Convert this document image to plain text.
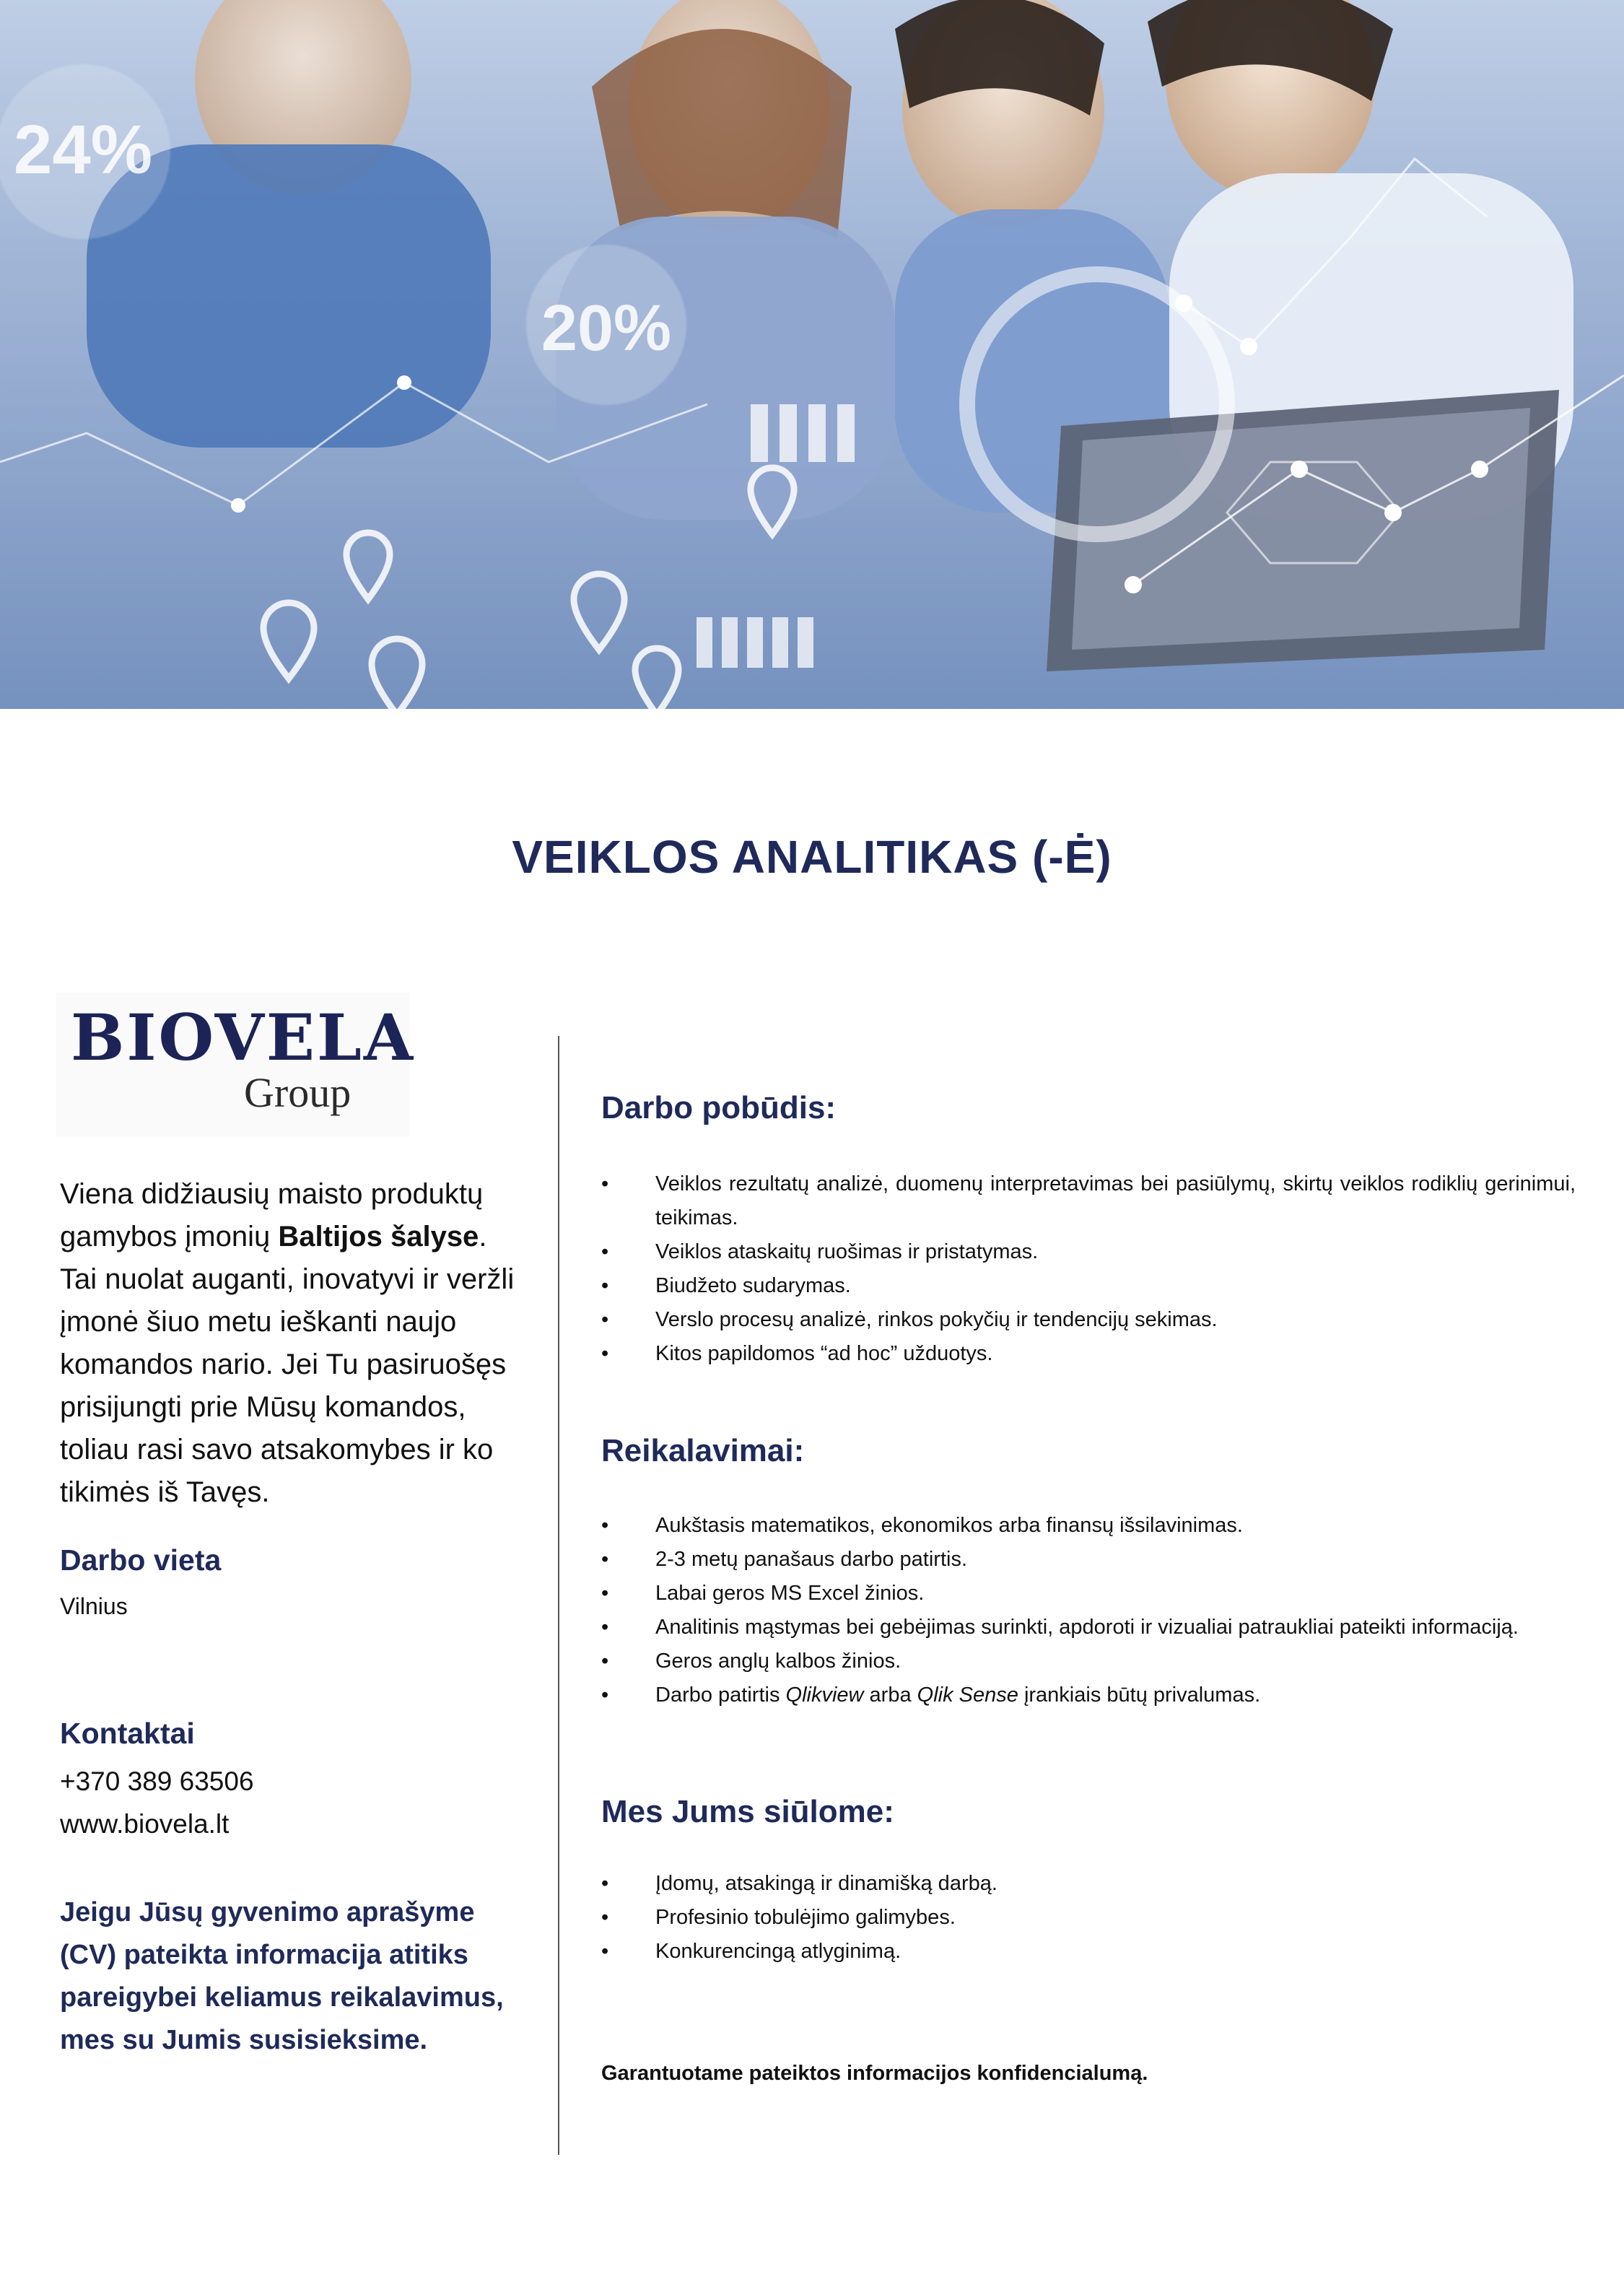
24%
20%
VEIKLOS ANALITIKAS (-Ė)
BIOVELA
Group
Viena didžiausių maisto produktų gamybos įmonių Baltijos šalyse. Tai nuolat auganti, inovatyvi ir veržli įmonė šiuo metu ieškanti naujo komandos nario. Jei Tu pasiruošęs prisijungti prie Mūsų komandos, toliau rasi savo atsakomybes ir ko tikimės iš Tavęs.
Darbo vieta
Vilnius
Kontaktai
+370 389 63506
www.biovela.lt
Jeigu Jūsų gyvenimo aprašyme (CV) pateikta informacija atitiks pareigybei keliamus reikalavimus, mes su Jumis susisieksime.
Darbo pobūdis:
• Veiklos rezultatų analizė, duomenų interpretavimas bei pasiūlymų, skirtų veiklos rodiklių gerinimui, teikimas.
• Veiklos ataskaitų ruošimas ir pristatymas.
• Biudžeto sudarymas.
• Verslo procesų analizė, rinkos pokyčių ir tendencijų sekimas.
• Kitos papildomos “ad hoc” užduotys.
Reikalavimai:
• Aukštasis matematikos, ekonomikos arba finansų išsilavinimas.
• 2-3 metų panašaus darbo patirtis.
• Labai geros MS Excel žinios.
• Analitinis mąstymas bei gebėjimas surinkti, apdoroti ir vizualiai patraukliai pateikti informaciją.
• Geros anglų kalbos žinios.
• Darbo patirtis Qlikview arba Qlik Sense įrankiais būtų privalumas.
Mes Jums siūlome:
• Įdomų, atsakingą ir dinamišką darbą.
• Profesinio tobulėjimo galimybes.
• Konkurencingą atlyginimą.
Garantuotame pateiktos informacijos konfidencialumą.
